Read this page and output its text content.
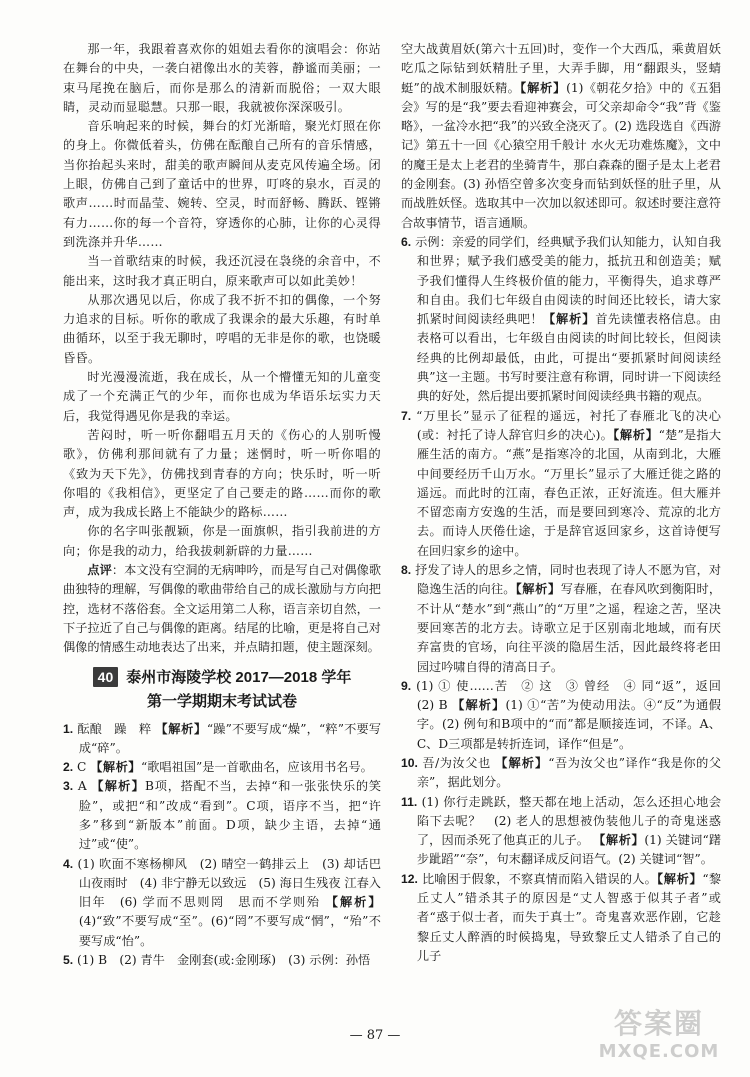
那一年，我跟着喜欢你的姐姐去看你的演唱会：你站在舞台的中央，一袭白裙像出水的芙蓉，静谧而美丽；一束马尾挽在脑后，而你是那么的清新而脱俗；一双大眼睛，灵动而显聪慧。只那一眼，我就被你深深吸引。

音乐响起来的时候，舞台的灯光渐暗，聚光灯照在你的身上。你微低着头，仿佛在酝酿自己所有的音乐情感，当你抬起头来时，甜美的歌声瞬间从麦克风传遍全场。闭上眼，仿佛自己到了童话中的世界，叮咚的泉水，百灵的歌声……时而晶莹、婉转、空灵，时而舒畅、腾跃、铿锵有力……你的每一个音符，穿透你的心肺，让你的心灵得到洗涤并升华……

当一首歌结束的时候，我还沉浸在袅绕的余音中，不能出来，这时我才真正明白，原来歌声可以如此美妙！

从那次遇见以后，你成了我不折不扣的偶像，一个努力追求的目标。听你的歌成了我课余的最大乐趣，有时单曲循环，以至于我无聊时，哼唱的无非是你的歌，也饶暖昏昏。

时光漫漫流逝，我在成长，从一个懵懂无知的儿童变成了一个充满正气的少年，而你也成为华语乐坛实力天后，我觉得遇见你是我的幸运。

苦闷时，听一听你翻唱五月天的《伤心的人别听慢歌》，仿佛利那间就有了力量；迷惘时，听一听你唱的《致为天下先》，仿佛找到青春的方向；快乐时，听一听你唱的《我相信》，更坚定了自己要走的路……而你的歌声，成为我成长路上不能缺少的路标……

你的名字叫张靓颖，你是一面旗帜，指引我前进的方向；你是我的动力，给我拔刺新辟的力量……

点评：本文没有空洞的无病呻吟，而是写自己对偶像歌曲独特的理解，写偶像的歌曲带给自己的成长激励与方向把控，选材不落俗套。全文运用第二人称，语言亲切自然，一下子拉近了自己与偶像的距离。结尾的比喻，更是将自己对偶像的情感生动地表达了出来，并点睛扣题，使主题深刻。

40 泰州市海陵学校 2017—2018 学年
第一学期期末考试试卷

1. 酝酿　躁　粹 【解析】“躁”不要写成“燥”，“粹”不要写成“碎”。

2. C 【解析】“歌唱祖国”是一首歌曲名，应该用书名号。

3. A 【解析】B项，搭配不当，去掉“和一张张快乐的笑脸”，或把“和”改成“看到”。C项，语序不当，把“许多”移到“新版本”前面。D项，缺少主语，去掉“通过”或“使”。

4. (1) 吹面不寒杨柳风　(2) 晴空一鹤排云上　(3) 却话巴山夜雨时　(4) 非宁静无以致远　(5) 海日生残夜 江春入旧年　(6) 学而不思则罔　思而不学则殆 【解析】(4)“致”不要写成“至”。(6)“罔”不要写成“惘”，“殆”不要写成“怡”。

5. (1) B　(2) 青牛　金刚套(或:金刚琢)　(3) 示例：孙悟

空大战黄眉妖(第六十五回)时，变作一个大西瓜，乘黄眉妖吃瓜之际钻到妖精肚子里，大弄手脚，用“翻跟头，竖蜻蜓”的战术制服妖精。【解析】(1)《朝花夕拾》中的《五猖会》写的是“我”要去看迎神赛会，可父亲却命令“我”背《鉴略》，一盆冷水把“我”的兴致全浇灭了。(2) 选段选自《西游记》第五十一回《心猿空用千般计 水火无功难炼魔》，文中的魔王是太上老君的坐骑青牛，那白森森的圈子是太上老君的金刚套。(3) 孙悟空曾多次变身而钻到妖怪的肚子里，从而战胜妖怪。选取其中一次加以叙述即可。叙述时要注意符合故事情节，语言通顺。

6. 示例：亲爱的同学们，经典赋予我们认知能力，认知自我和世界；赋予我们感受美的能力，抵抗丑和创造美；赋予我们懂得人生终极价值的能力，平衡得失，追求尊严和自由。我们七年级自由阅读的时间还比较长，请大家抓紧时间阅读经典吧！【解析】首先读懂表格信息。由表格可以看出，七年级自由阅读的时间比较长，但阅读经典的比例却最低，由此，可提出“要抓紧时间阅读经典”这一主题。书写时要注意有称谓，同时讲一下阅读经典的好处，然后提出要抓紧时间阅读经典书籍的观点。

7. “万里长”显示了征程的遥远，衬托了春雁北飞的决心(或：衬托了诗人辞官归乡的决心)。【解析】“楚”是指大雁生活的南方。“燕”是指寒冷的北国，从南到北，大雁中间要经历千山万水。“万里长”显示了大雁迁徙之路的遥远。而此时的江南，春色正浓，正好流连。但大雁并不留恋南方安逸的生活，而是要回到寒冷、荒凉的北方去。而诗人厌倦仕途，于是辞官返回家乡，这首诗便写在回归家乡的途中。

8. 抒发了诗人的思乡之情，同时也表现了诗人不愿为官，对隐逸生活的向往。【解析】写春雁，在春风吹到衡阳时，不计从“楚水”到“燕山”的“万里”之遥，程途之苦，坚决要回寒苦的北方去。诗歌立足于区别南北地域，而有厌弃富贵的官场，向往平淡的隐居生活，因此最终将老田园过吟啸自得的清高日子。

9. (1) ① 使……苦　② 这　③ 曾经　④ 同“返”，返回　(2) B 【解析】(1) ①“苦”为使动用法。④“反”为通假字。(2) 例句和B项中的“而”都是顺接连词，不译。A、C、D三项都是转折连词，译作“但是”。

10. 吾/为汝父也 【解析】“吾为汝父也”译作“我是你的父亲”，据此划分。

11. (1) 你行走跳跃，整天都在地上活动，怎么还担心地会陷下去呢？　(2) 老人的思想被伪装他儿子的奇鬼迷惑了，因而杀死了他真正的儿子。 【解析】(1) 关键词“躇步跐蹈”“奈”，句末翻译成反问语气。(2) 关键词“智”。

12. 比喻困于假象，不察真情而陷入错误的人。【解析】“黎丘丈人”错杀其子的原因是“丈人智惑于似其子者”或者“惑于似士者，而失于真士”。奇鬼喜欢恶作剧，它趁黎丘丈人醉酒的时候捣鬼，导致黎丘丈人错杀了自己的儿子

— 87 —	答案圈
MXQE.COM
